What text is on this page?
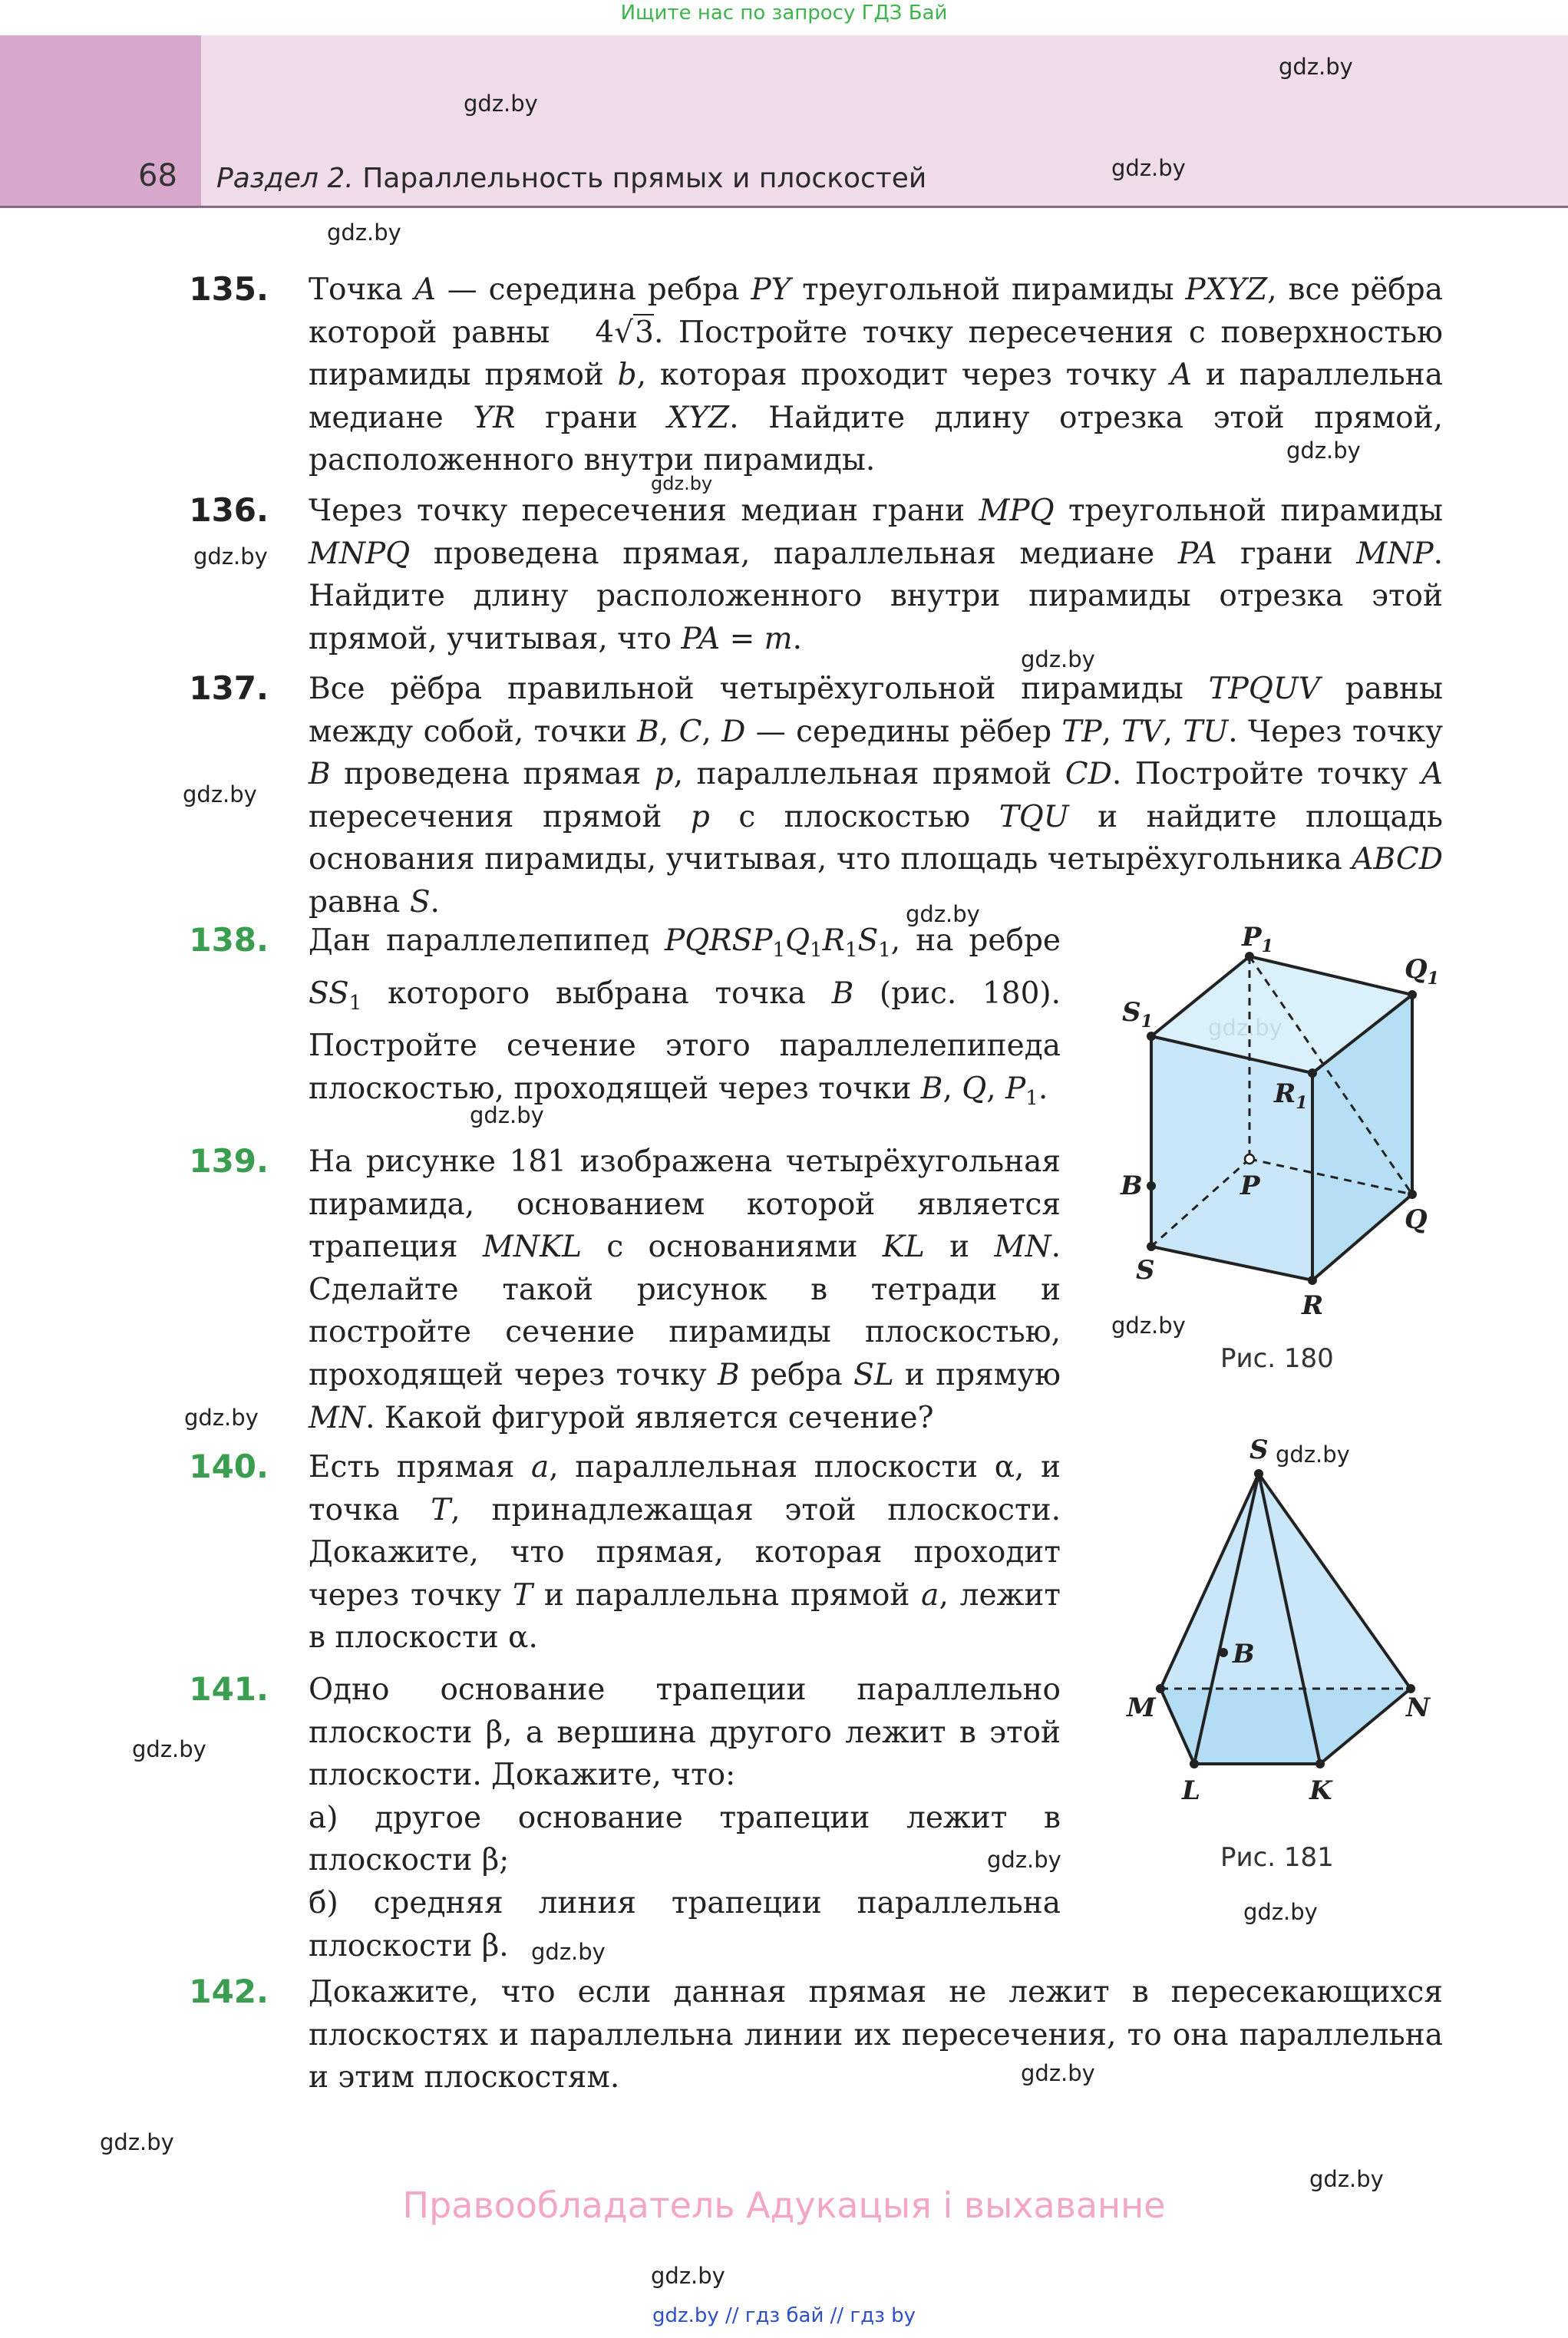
Ищите нас по запросу ГДЗ Бай
68 Раздел 2. Параллельность прямых и плоскостей
gdz.by
gdz.by
gdz.by
gdz.by
gdz.by
gdz.by
gdz.by
gdz.by
gdz.by
gdz.by
gdz.by
gdz.by
gdz.by
gdz.by
gdz.by
gdz.by
gdz.by
gdz.by
gdz.by
gdz.by
gdz.by
gdz.by
135. Точка A — середина ребра PY треугольной пирамиды PXYZ, все рёбра которой равны   4√3. Постройте точку пересечения с поверхностью пирамиды прямой b, которая проходит через точку A и параллельна медиане YR грани XYZ. Найдите длину отрезка этой прямой, расположенного внутри пирамиды.

136. Через точку пересечения медиан грани MPQ треугольной пирамиды MNPQ проведена прямая, параллельная медиане PA грани MNP. Найдите длину расположенного внутри пирамиды отрезка этой прямой, учитывая, что PA = m.

137. Все рёбра правильной четырёхугольной пирамиды TPQUV равны между собой, точки B, C, D — середины рёбер TP, TV, TU. Через точку B проведена прямая p, параллельная прямой CD. Постройте точку A пересечения прямой p с плоскостью TQU и найдите площадь основания пирамиды, учитывая, что площадь четырёхугольника ABCD равна S.

138. Дан параллелепипед $PQRSP_1Q_1R_1S_1$, на ребре $SS_1$ которого выбрана точка B (рис. 180). Постройте сечение этого параллелепипеда плоскостью, проходящей через точки B, Q, $P_1$.

139. На рисунке 181 изображена четырёхугольная пирамида, основанием которой является трапеция MNKL с основаниями KL и MN. Сделайте такой рисунок в тетради и постройте сечение пирамиды плоскостью, проходящей через точку B ребра SL и прямую MN. Какой фигурой является сечение?

140. Есть прямая a, параллельная плоскости α, и точка T, принадлежащая этой плоскости. Докажите, что прямая, которая проходит через точку T и параллельна прямой a, лежит в плоскости α.

141. Одно основание трапеции параллельно плоскости β, а вершина другого лежит в этой плоскости. Докажите, что:

а) другое основание трапеции лежит в плоскости β;

б) средняя линия трапеции параллельна плоскости β.

142. Докажите, что если данная прямая не лежит в пересекающихся плоскостях и параллельна линии их пересечения, то она параллельна и этим плоскостям.

$P_1$
$Q_1$
$S_1$
$R_1$
B	P
Q
S
R
Рис. 180
S
B
M	N
L	K
Рис. 181
Правообладатель Адукацыя і выхаванне
gdz.by // гдз бай // гдз by
